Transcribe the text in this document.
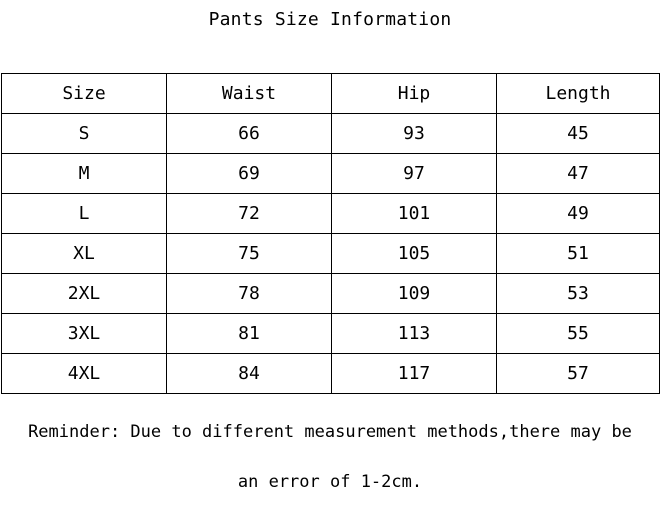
Pants Size Information
Size	Waist	Hip	Length
S	66	93	45
M	69	97	47
L	72	101	49
XL	75	105	51
2XL	78	109	53
3XL	81	113	55
4XL	84	117	57

Reminder: Due to different measurement methods,there may be

an error of 1-2cm.
